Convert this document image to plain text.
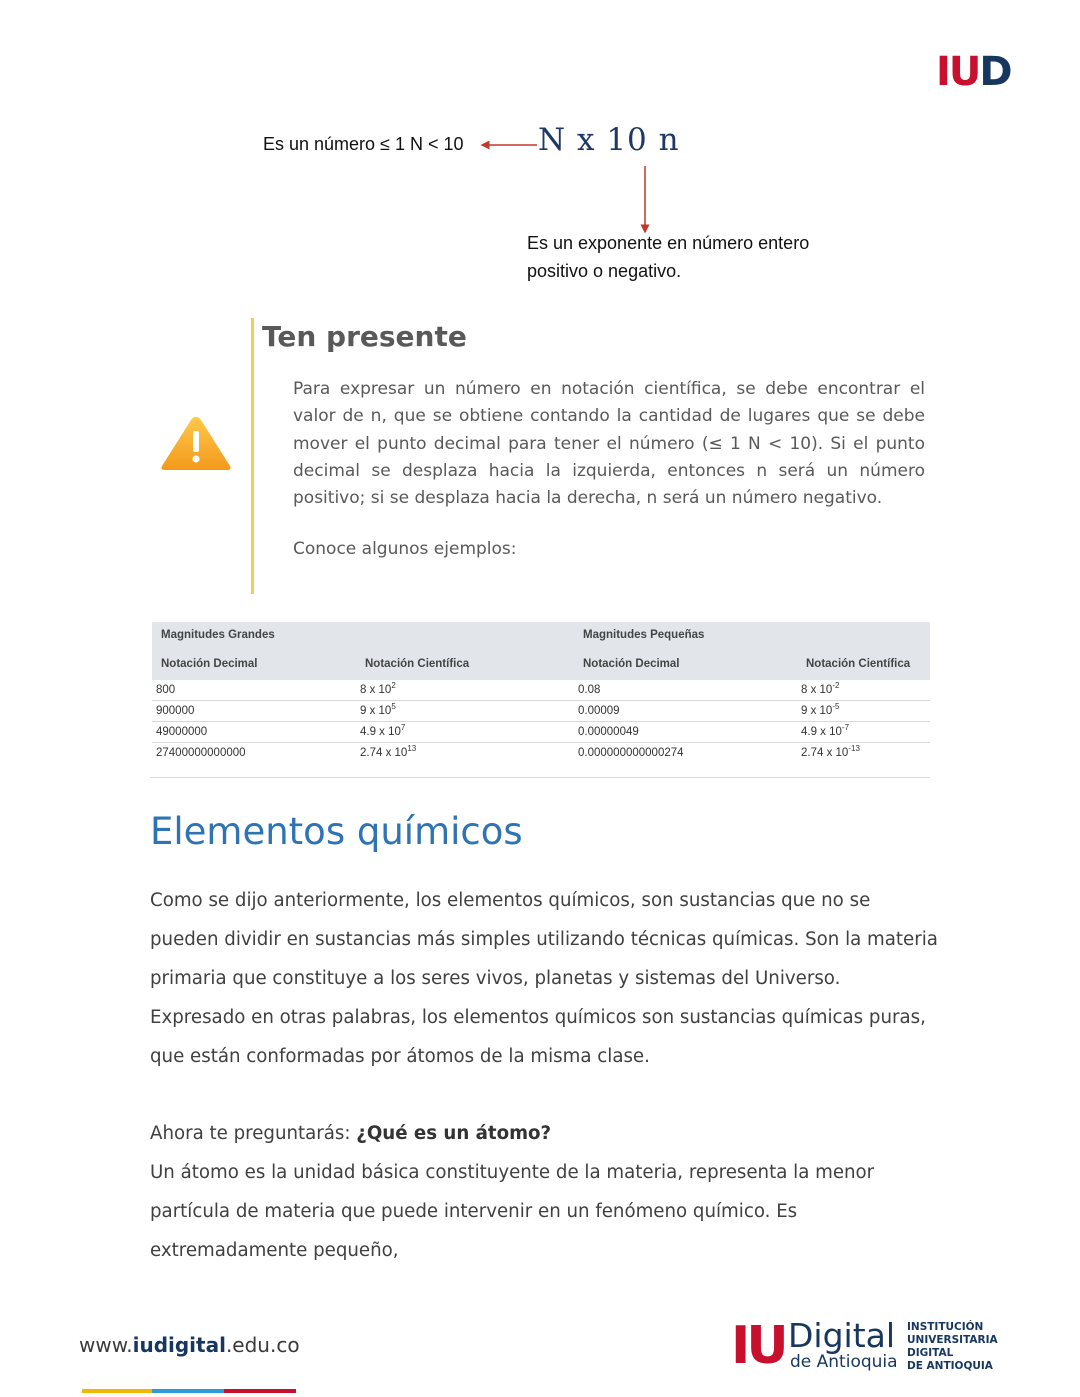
IUD
Es un número ≤ 1 N < 10 N x 10 n
Es un exponente en número entero positivo o negativo.
Ten presente
Para expresar un número en notación científica, se debe encontrar el valor de n, que se obtiene contando la cantidad de lugares que se debe mover el punto decimal para tener el número (≤ 1 N < 10). Si el punto decimal se desplaza hacia la izquierda, entonces n será un número positivo; si se desplaza hacia la derecha, n será un número negativo.
Conoce algunos ejemplos:
Magnitudes Grandes	Magnitudes Pequeñas
Notación Decimal	Notación Científica	Notación Decimal	Notación Científica
800	8 x $10^2$	0.08	8 x $10^{-2}$
900000	9 x $10^5$	0.00009	9 x $10^{-5}$
49000000	4.9 x $10^7$	0.00000049	4.9 x $10^{-7}$
27400000000000	2.74 x $10^{13}$	0.000000000000274	2.74 x $10^{-13}$
Elementos químicos
Como se dijo anteriormente, los elementos químicos, son sustancias que no se pueden dividir en sustancias más simples utilizando técnicas químicas. Son la materia primaria que constituye a los seres vivos, planetas y sistemas del Universo. Expresado en otras palabras, los elementos químicos son sustancias químicas puras, que están conformadas por átomos de la misma clase.
Ahora te preguntarás: ¿Qué es un átomo?
Un átomo es la unidad básica constituyente de la materia, representa la menor partícula de materia que puede intervenir en un fenómeno químico. Es extremadamente pequeño,
www.iudigital.edu.co	IU Digital
de Antioquia
INSTITUCIÓN
UNIVERSITARIA
DIGITAL
DE ANTIOQUIA
